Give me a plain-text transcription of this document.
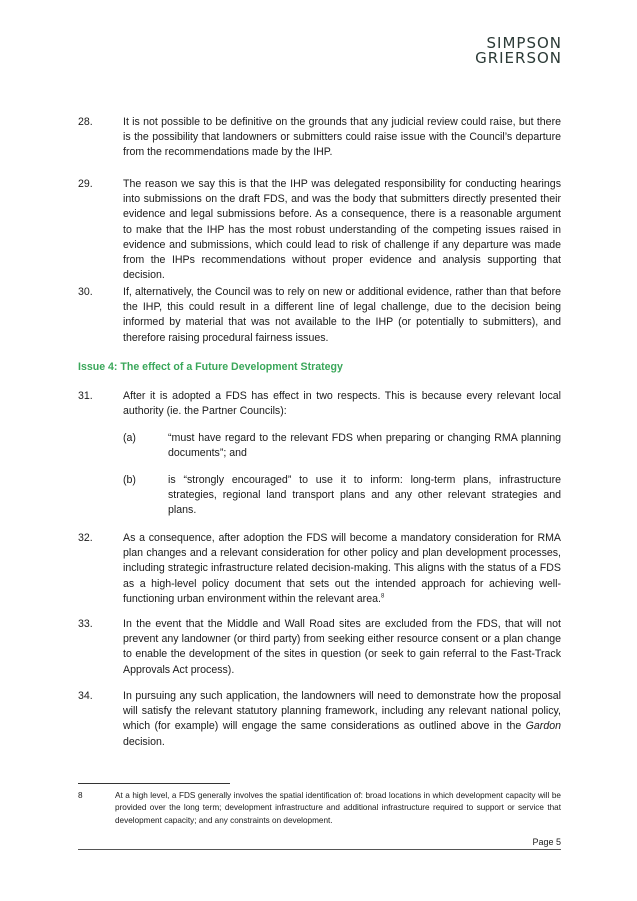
SIMPSON
GRIERSON
28.	It is not possible to be definitive on the grounds that any judicial review could raise, but there is the possibility that landowners or submitters could raise issue with the Council’s departure from the recommendations made by the IHP.
29.	The reason we say this is that the IHP was delegated responsibility for conducting hearings into submissions on the draft FDS, and was the body that submitters directly presented their evidence and legal submissions before. As a consequence, there is a reasonable argument to make that the IHP has the most robust understanding of the competing issues raised in evidence and submissions, which could lead to risk of challenge if any departure was made from the IHPs recommendations without proper evidence and analysis supporting that decision.
30.	If, alternatively, the Council was to rely on new or additional evidence, rather than that before the IHP, this could result in a different line of legal challenge, due to the decision being informed by material that was not available to the IHP (or potentially to submitters), and therefore raising procedural fairness issues.
Issue 4: The effect of a Future Development Strategy
31.	After it is adopted a FDS has effect in two respects. This is because every relevant local authority (ie. the Partner Councils):
(a)	“must have regard to the relevant FDS when preparing or changing RMA planning documents”; and
(b)	is “strongly encouraged” to use it to inform: long-term plans, infrastructure strategies, regional land transport plans and any other relevant strategies and plans.
32.	As a consequence, after adoption the FDS will become a mandatory consideration for RMA plan changes and a relevant consideration for other policy and plan development processes, including strategic infrastructure related decision-making. This aligns with the status of a FDS as a high-level policy document that sets out the intended approach for achieving well-functioning urban environment within the relevant area.$^8$
33.	In the event that the Middle and Wall Road sites are excluded from the FDS, that will not prevent any landowner (or third party) from seeking either resource consent or a plan change to enable the development of the sites in question (or seek to gain referral to the Fast-Track Approvals Act process).
34.	In pursuing any such application, the landowners will need to demonstrate how the proposal will satisfy the relevant statutory planning framework, including any relevant national policy, which (for example) will engage the same considerations as outlined above in the Gardon decision.
8	At a high level, a FDS generally involves the spatial identification of: broad locations in which development capacity will be provided over the long term; development infrastructure and additional infrastructure required to support or service that development capacity; and any constraints on development.
Page 5
